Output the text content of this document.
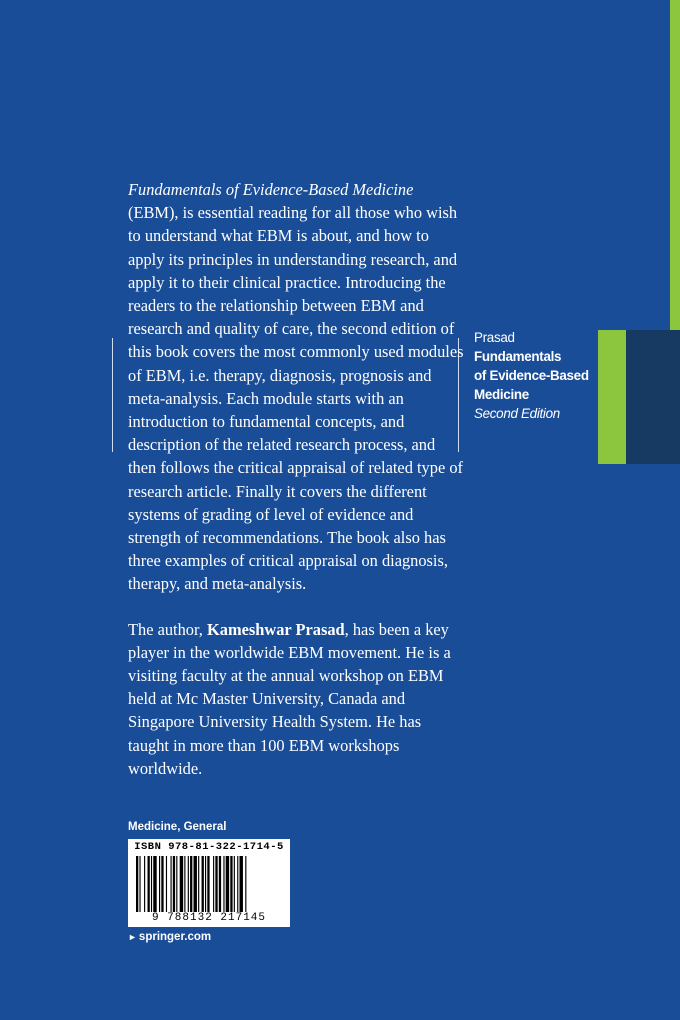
Fundamentals of Evidence-Based Medicine (EBM), is essential reading for all those who wish to understand what EBM is about, and how to apply its principles in understanding research, and apply it to their clinical practice. Introducing the readers to the relationship between EBM and research and quality of care, the second edition of this book covers the most commonly used modules of EBM, i.e. therapy, diagnosis, prognosis and meta-analysis. Each module starts with an introduction to fundamental concepts, and description of the related research process, and then follows the critical appraisal of related type of research article. Finally it covers the different systems of grading of level of evidence and strength of recommendations. The book also has three examples of critical appraisal on diagnosis, therapy, and meta-analysis.

The author, Kameshwar Prasad, has been a key player in the worldwide EBM movement. He is a visiting faculty at the annual workshop on EBM held at Mc Master University, Canada and Singapore University Health System. He has taught in more than 100 EBM workshops worldwide.

Prasad
Fundamentals
of Evidence-Based
Medicine
Second Edition
Medicine, General
ISBN 978-81-322-1714-5
9 788132 217145
► springer.com
